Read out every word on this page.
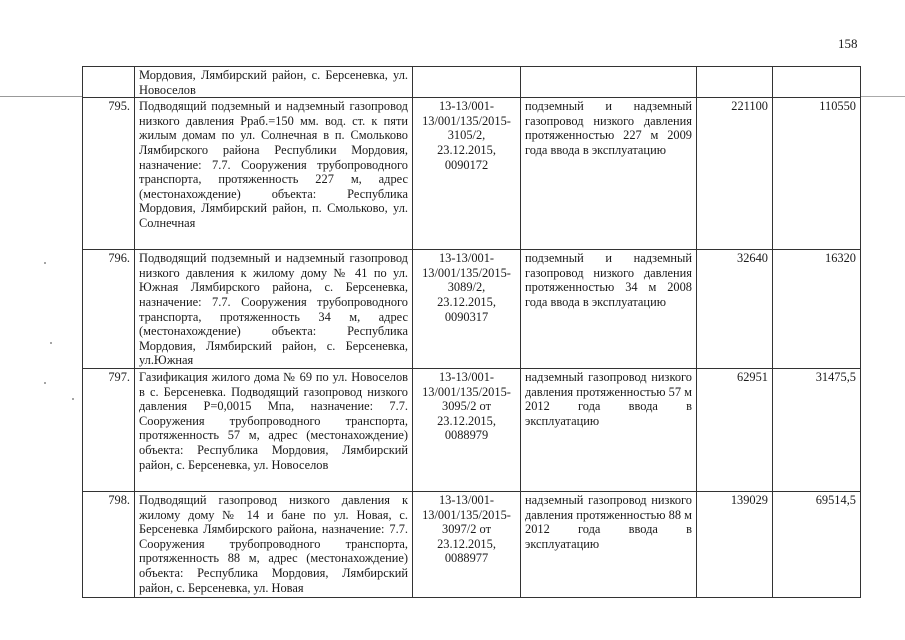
158
	Мордовия, Лямбирский район, с. Берсеневка, ул. Новоселов				
795.	Подводящий подземный и надземный газопровод низкого давления Рраб.=150 мм. вод. ст. к пяти жилым домам по ул. Солнечная в п. Смольково Лямбирского района Республики Мордовия, назначение: 7.7. Сооружения трубопроводного транспорта, протяженность 227 м, адрес (местонахождение) объекта: Республика Мордовия, Лямбирский район, п. Смольково, ул. Солнечная	13-13/001-13/001/135/2015-3105/2, 23.12.2015, 0090172	подземный и надземный газопровод низкого давления протяженностью 227 м 2009 года ввода в эксплуатацию	221100	110550
796.	Подводящий подземный и надземный газопровод низкого давления к жилому дому № 41 по ул. Южная Лямбирского района, с. Берсеневка, назначение: 7.7. Сооружения трубопроводного транспорта, протяженность 34 м, адрес (местонахождение) объекта: Республика Мордовия, Лямбирский район, с. Берсеневка, ул.Южная	13-13/001-13/001/135/2015-3089/2, 23.12.2015, 0090317	подземный и надземный газопровод низкого давления протяженностью 34 м 2008 года ввода в эксплуатацию	32640	16320
797.	Газификация жилого дома № 69 по ул. Новоселов в с. Берсеневка. Подводящий газопровод низкого давления Р=0,0015 Мпа, назначение: 7.7. Сооружения трубопроводного транспорта, протяженность 57 м, адрес (местонахождение) объекта: Республика Мордовия, Лямбирский район, с. Берсеневка, ул. Новоселов	13-13/001-13/001/135/2015-3095/2 от 23.12.2015, 0088979	надземный газопровод низкого давления протяженностью 57 м 2012 года ввода в эксплуатацию	62951	31475,5
798.	Подводящий газопровод низкого давления к жилому дому № 14 и бане по ул. Новая, с. Берсеневка Лямбирского района, назначение: 7.7. Сооружения трубопроводного транспорта, протяженность 88 м, адрес (местонахождение) объекта: Республика Мордовия, Лямбирский район, с. Берсеневка, ул. Новая	13-13/001-13/001/135/2015-3097/2 от 23.12.2015, 0088977	надземный газопровод низкого давления протяженностью 88 м 2012 года ввода в эксплуатацию	139029	69514,5
